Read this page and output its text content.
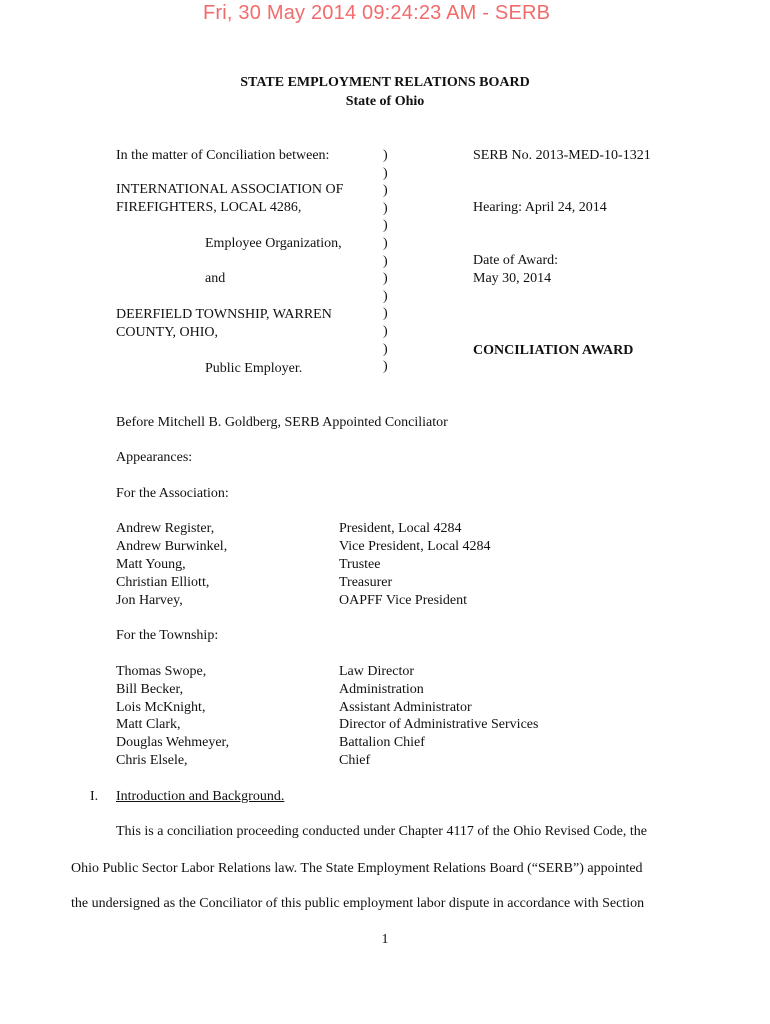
Fri, 30 May 2014 09:24:23 AM - SERB
STATE EMPLOYMENT RELATIONS BOARD
State of Ohio
In the matter of Conciliation between:
INTERNATIONAL ASSOCIATION OF
FIREFIGHTERS, LOCAL 4286,
Employee Organization,
and
DEERFIELD TOWNSHIP, WARREN
COUNTY, OHIO,
Public Employer.
)
)
)
)
)
)
)
)
)
)
)
)
)
SERB No. 2013-MED-10-1321
Hearing: April 24, 2014
Date of Award:
May 30, 2014
CONCILIATION AWARD
Before Mitchell B. Goldberg, SERB Appointed Conciliator
Appearances:
For the Association:
Andrew Register,	President, Local 4284
Andrew Burwinkel,	Vice President, Local 4284
Matt Young,	Trustee
Christian Elliott,	Treasurer
Jon Harvey,	OAPFF Vice President
For the Township:
Thomas Swope,	Law Director
Bill Becker,	Administration
Lois McKnight,	Assistant Administrator
Matt Clark,	Director of Administrative Services
Douglas Wehmeyer,	Battalion Chief
Chris Elsele,	Chief
I. Introduction and Background.
This is a conciliation proceeding conducted under Chapter 4117 of the Ohio Revised Code, the
Ohio Public Sector Labor Relations law. The State Employment Relations Board (“SERB”) appointed
the undersigned as the Conciliator of this public employment labor dispute in accordance with Section
1
